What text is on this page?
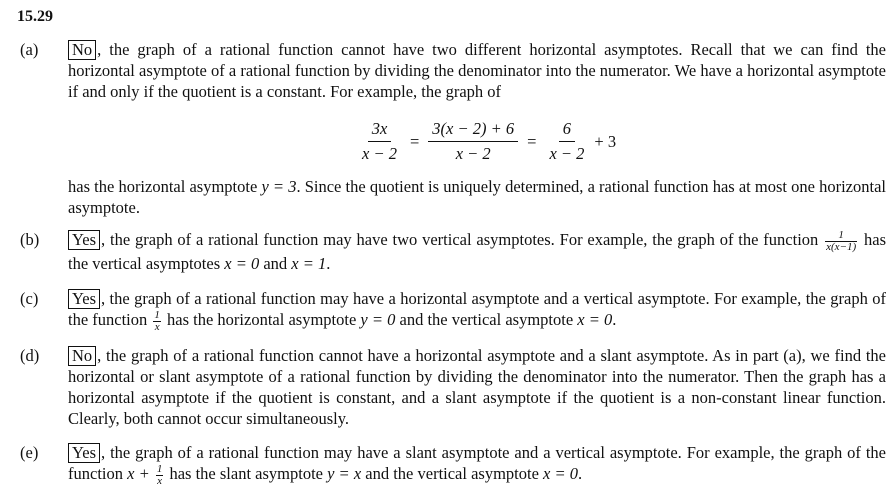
15.29
(a) No , the graph of a rational function cannot have two different horizontal asymptotes. Recall that we can find the horizontal asymptote of a rational function by dividing the denominator into the numerator. We have a horizontal asymptote if and only if the quotient is a constant. For example, the graph of

has the horizontal asymptote y = 3. Since the quotient is uniquely determined, a rational function has at most one horizontal asymptote.

$\frac{3x}{x - 2} = \frac{3(x - 2) + 6}{x - 2} = \frac{6}{x - 2} + 3$
(b) Yes , the graph of a rational function may have two vertical asymptotes. For example, the graph of the function $\frac{1}{x(x-1)}$ has the vertical asymptotes x = 0 and x = 1.

(c) Yes , the graph of a rational function may have a horizontal asymptote and a vertical asymptote. For example, the graph of the function $\frac{1}{x}$ has the horizontal asymptote y = 0 and the vertical asymptote x = 0.

(d) No , the graph of a rational function cannot have a horizontal asymptote and a slant asymptote. As in part (a), we find the horizontal or slant asymptote of a rational function by dividing the denominator into the numerator. Then the graph has a horizontal asymptote if the quotient is constant, and a slant asymptote if the quotient is a non-constant linear function. Clearly, both cannot occur simultaneously.

(e) Yes , the graph of a rational function may have a slant asymptote and a vertical asymptote. For example, the graph of the function $x + \frac{1}{x}$ has the slant asymptote y = x and the vertical asymptote x = 0.
